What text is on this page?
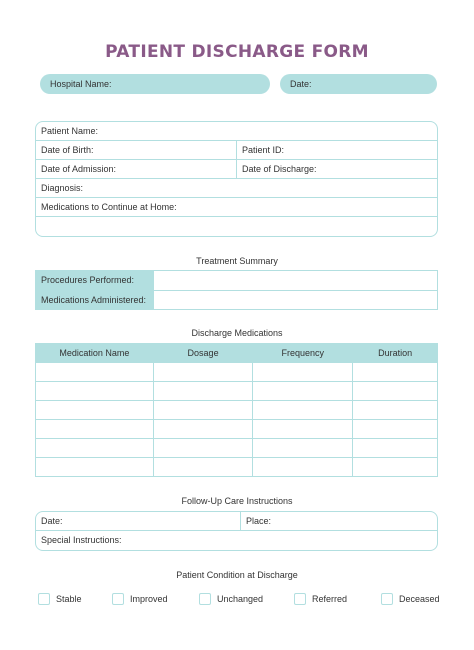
PATIENT DISCHARGE FORM
Hospital Name:	Date:
Patient Name:
Date of Birth:	Patient ID:
Date of Admission:	Date of Discharge:
Diagnosis:
Medications to Continue at Home:
Treatment Summary
Procedures Performed:
Medications Administered:
Discharge Medications
Medication Name	Dosage	Frequency	Duration

Follow-Up Care Instructions
Date:	Place:
Special Instructions:
Patient Condition at Discharge
Stable	Improved	Unchanged	Referred	Deceased
